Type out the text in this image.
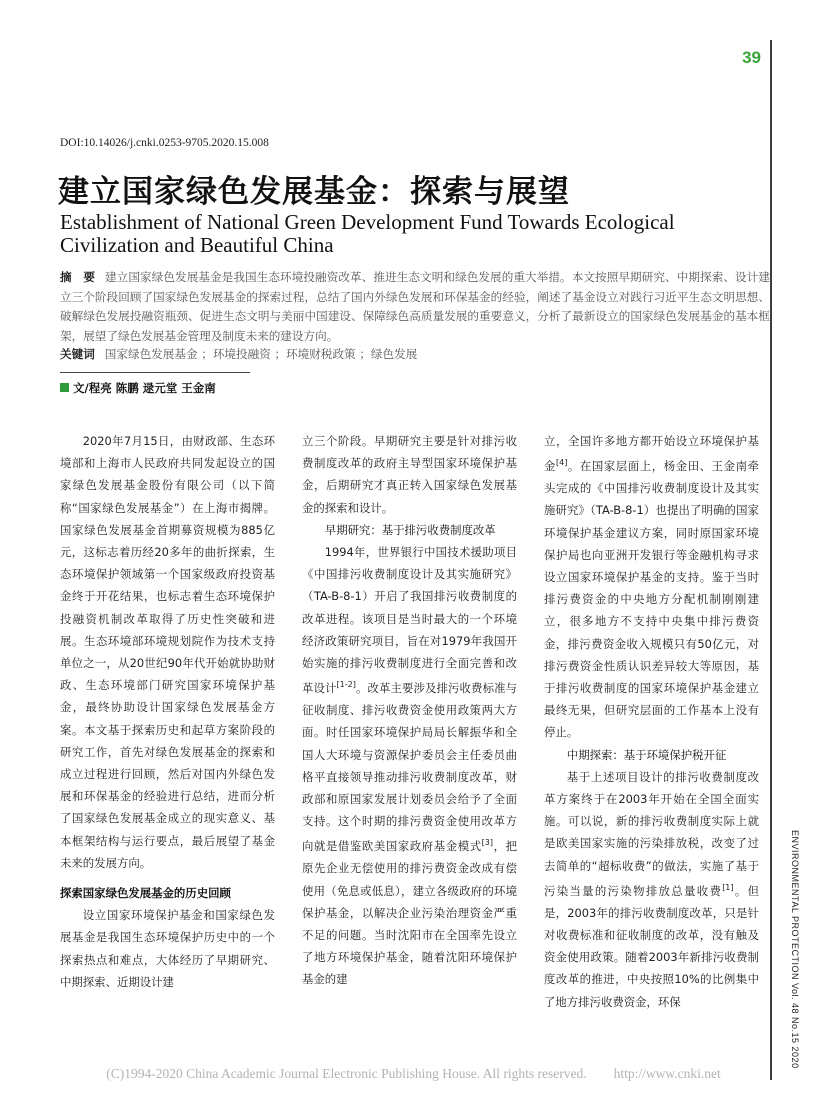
39
ENVIRONMENTAL PROTECTION Vol. 48 No.15 2020
DOI:10.14026/j.cnki.0253-9705.2020.15.008
建立国家绿色发展基金：探索与展望
Establishment of National Green Development Fund Towards Ecological Civilization and Beautiful China
摘　要 建立国家绿色发展基金是我国生态环境投融资改革、推进生态文明和绿色发展的重大举措。本文按照早期研究、中期探索、设计建立三个阶段回顾了国家绿色发展基金的探索过程，总结了国内外绿色发展和环保基金的经验，阐述了基金设立对践行习近平生态文明思想、破解绿色发展投融资瓶颈、促进生态文明与美丽中国建设、保障绿色高质量发展的重要意义，分析了最新设立的国家绿色发展基金的基本框架，展望了绿色发展基金管理及制度未来的建设方向。
关键词 国家绿色发展基金 ；环境投融资 ；环境财税政策 ；绿色发展
文/程亮 陈鹏 逯元堂 王金南

2020年7月15日，由财政部、生态环境部和上海市人民政府共同发起设立的国家绿色发展基金股份有限公司（以下简称“国家绿色发展基金”）在上海市揭牌。国家绿色发展基金首期募资规模为885亿元，这标志着历经20多年的曲折探索，生态环境保护领域第一个国家级政府投资基金终于开花结果，也标志着生态环境保护投融资机制改革取得了历史性突破和进展。生态环境部环境规划院作为技术支持单位之一，从20世纪90年代开始就协助财政、生态环境部门研究国家环境保护基金，最终协助设计国家绿色发展基金方案。本文基于探索历史和起草方案阶段的研究工作，首先对绿色发展基金的探索和成立过程进行回顾，然后对国内外绿色发展和环保基金的经验进行总结，进而分析了国家绿色发展基金成立的现实意义、基本框架结构与运行要点，最后展望了基金未来的发展方向。

探索国家绿色发展基金的历史回顾

设立国家环境保护基金和国家绿色发展基金是我国生态环境保护历史中的一个探索热点和难点，大体经历了早期研究、中期探索、近期设计建

立三个阶段。早期研究主要是针对排污收费制度改革的政府主导型国家环境保护基金，后期研究才真正转入国家绿色发展基金的探索和设计。

早期研究：基于排污收费制度改革

1994年，世界银行中国技术援助项目《中国排污收费制度设计及其实施研究》（TA-B-8-1）开启了我国排污收费制度的改革进程。该项目是当时最大的一个环境经济政策研究项目，旨在对1979年我国开始实施的排污收费制度进行全面完善和改革设计[1-2]。改革主要涉及排污收费标准与征收制度、排污收费资金使用政策两大方面。时任国家环境保护局局长解振华和全国人大环境与资源保护委员会主任委员曲格平直接领导推动排污收费制度改革，财政部和原国家发展计划委员会给予了全面支持。这个时期的排污费资金使用改革方向就是借鉴欧美国家政府基金模式[3]，把原先企业无偿使用的排污费资金改成有偿使用（免息或低息），建立各级政府的环境保护基金，以解决企业污染治理资金严重不足的问题。当时沈阳市在全国率先设立了地方环境保护基金，随着沈阳环境保护基金的建

立，全国许多地方都开始设立环境保护基金[4]。在国家层面上，杨金田、王金南牵头完成的《中国排污收费制度设计及其实施研究》（TA-B-8-1）也提出了明确的国家环境保护基金建议方案，同时原国家环境保护局也向亚洲开发银行等金融机构寻求设立国家环境保护基金的支持。鉴于当时排污费资金的中央地方分配机制刚刚建立，很多地方不支持中央集中排污费资金，排污费资金收入规模只有50亿元，对排污费资金性质认识差异较大等原因，基于排污收费制度的国家环境保护基金建立最终无果，但研究层面的工作基本上没有停止。

中期探索：基于环境保护税开征

基于上述项目设计的排污收费制度改革方案终于在2003年开始在全国全面实施。可以说，新的排污收费制度实际上就是欧美国家实施的污染排放税，改变了过去简单的“超标收费”的做法，实施了基于污染当量的污染物排放总量收费[1]。但是，2003年的排污收费制度改革，只是针对收费标准和征收制度的改革，没有触及资金使用政策。随着2003年新排污收费制度改革的推进，中央按照10%的比例集中了地方排污收费资金，环保

(C)1994-2020 China Academic Journal Electronic Publishing House. All rights reserved.　　http://www.cnki.net
